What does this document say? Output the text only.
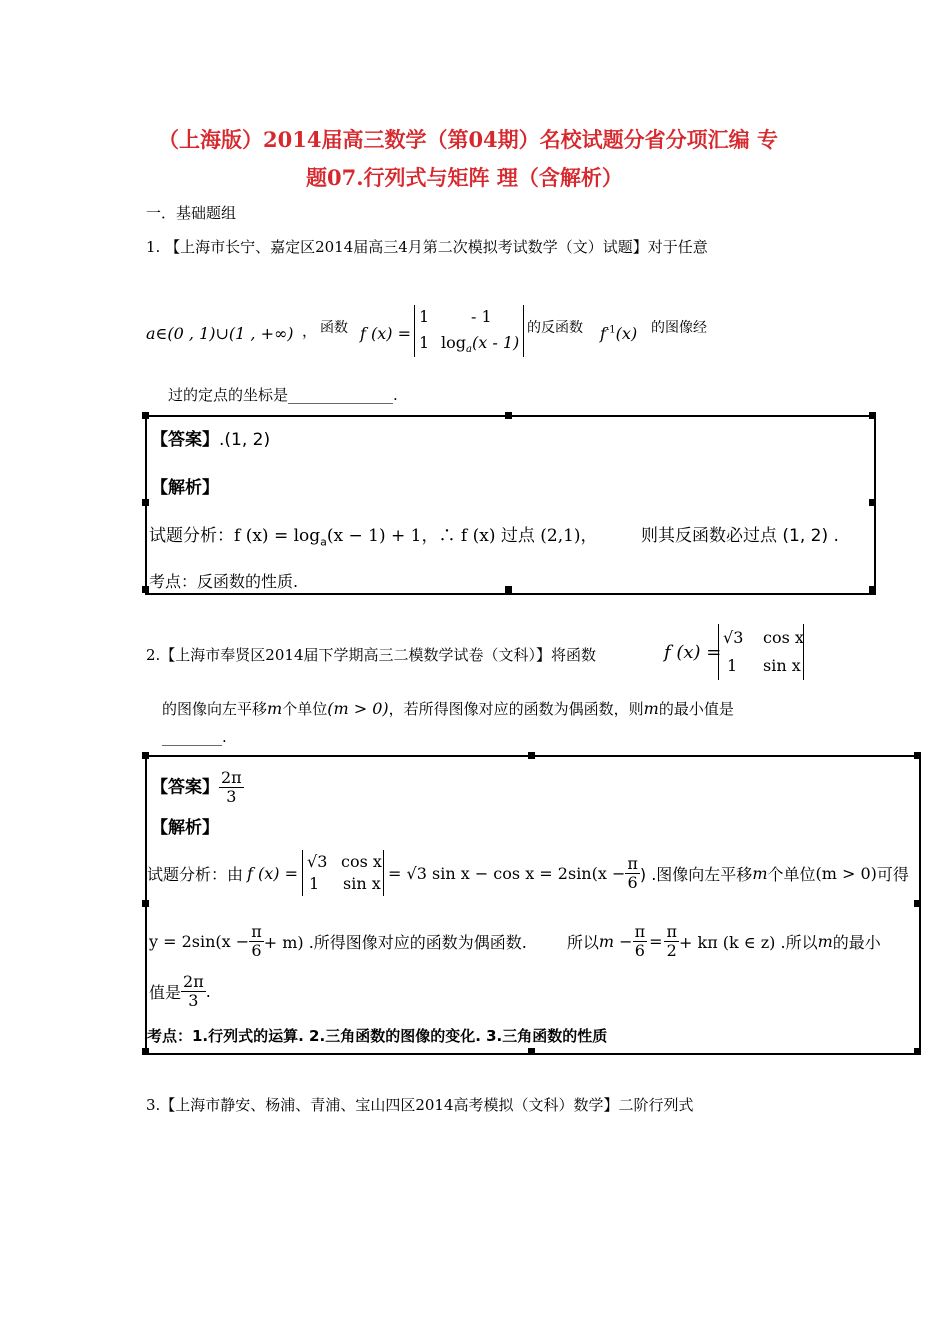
（上海版）2014届高三数学（第04期）名校试题分省分项汇编 专
题07.行列式与矩阵 理（含解析）
一．基础题组
1. 【上海市长宁、嘉定区2014届高三4月第二次模拟考试数学（文）试题】对于任意
a∈(0 , 1)∪(1 , +∞) ， 函数 f (x) =
1	- 1
1 $\log_a(x - 1)$
的反函数 $f^{-1}(x)$ 的图像经
过的定点的坐标是______________.
【答案】.(1, 2)
【解析】
试题分析：f $(x) = \log_a(x - 1) + 1$，∴ f (x) 过点 (2,1)，	则其反函数必过点 (1, 2) .
考点：反函数的性质.
2.【上海市奉贤区2014届下学期高三二模数学试卷（文科）】将函数	f (x) =
√3 cos x
1 sin x
的图像向左平移m个单位(m > 0)，若所得图像对应的函数为偶函数，则m的最小值是
________.
【答案】 $\frac{2\pi}{3}$
【解析】
试题分析：由 f (x) =
√3 cos x
1 sin x
= √3 $\sin x - \cos x = 2\sin(x - \frac{\pi}{6}$ ) .图像向左平移 m 个单位 (m > 0) 可得
$y = 2\sin(x - \frac{\pi}{6} + m)$ .所得图像对应的函数为偶函数.	所以 $m - \frac{\pi}{6} = \frac{\pi}{2} + k\pi$ (k ∈ z) .所以 m 的最小
值是 $\frac{2\pi}{3}$ .
考点：1.行列式的运算. 2.三角函数的图像的变化. 3.三角函数的性质
3.【上海市静安、杨浦、青浦、宝山四区2014高考模拟（文科）数学】二阶行列式
